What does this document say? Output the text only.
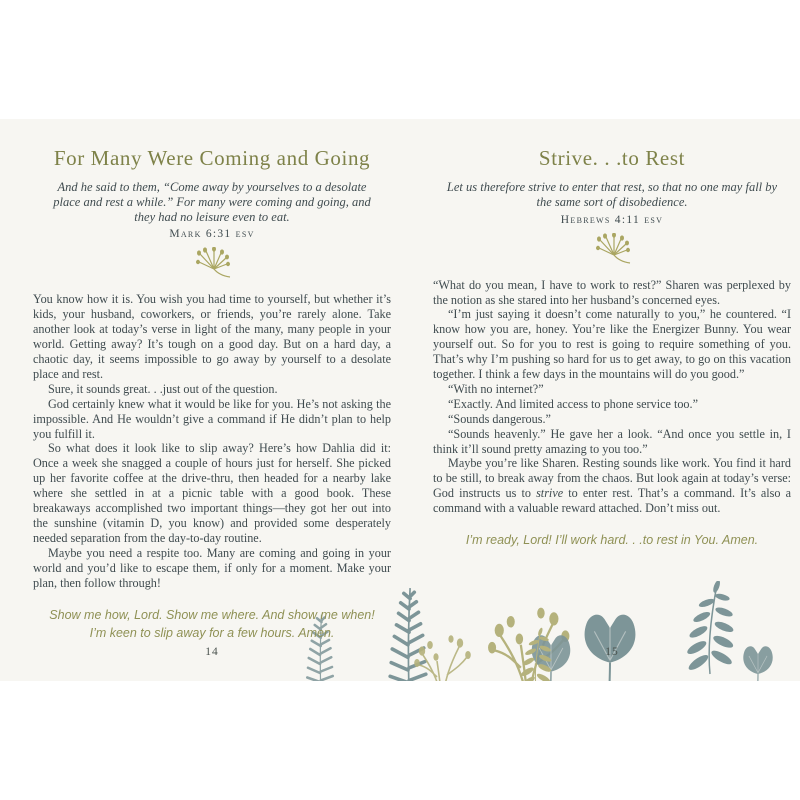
For Many Were Coming and Going
And he said to them, “Come away by yourselves to a desolate place and rest a while.” For many were coming and going, and they had no leisure even to eat.
Mark 6:31 esv

You know how it is. You wish you had time to yourself, but whether it’s kids, your husband, coworkers, or friends, you’re rarely alone. Take another look at today’s verse in light of the many, many people in your world. Getting away? It’s tough on a good day. But on a hard day, a chaotic day, it seems impossible to go away by yourself to a desolate place and rest.

Sure, it sounds great. . .just out of the question.

God certainly knew what it would be like for you. He’s not asking the impossible. And He wouldn’t give a command if He didn’t plan to help you fulfill it.

So what does it look like to slip away? Here’s how Dahlia did it: Once a week she snagged a couple of hours just for herself. She picked up her favorite coffee at the drive-thru, then headed for a nearby lake where she settled in at a picnic table with a good book. These breakaways accomplished two important things—they got her out into the sunshine (vitamin D, you know) and provided some desperately needed separation from the day-to-day routine.

Maybe you need a respite too. Many are coming and going in your world and you’d like to escape them, if only for a moment. Make your plan, then follow through!

Show me how, Lord. Show me where. And show me when! I’m keen to slip away for a few hours. Amen.
14
Strive. . .to Rest
Let us therefore strive to enter that rest, so that no one may fall by the same sort of disobedience.
Hebrews 4:11 esv

“What do you mean, I have to work to rest?” Sharen was perplexed by the notion as she stared into her husband’s concerned eyes.

“I’m just saying it doesn’t come naturally to you,” he countered. “I know how you are, honey. You’re like the Energizer Bunny. You wear yourself out. So for you to rest is going to require something of you. That’s why I’m pushing so hard for us to get away, to go on this vacation together. I think a few days in the mountains will do you good.”

“With no internet?”

“Exactly. And limited access to phone service too.”

“Sounds dangerous.”

“Sounds heavenly.” He gave her a look. “And once you settle in, I think it’ll sound pretty amazing to you too.”

Maybe you’re like Sharen. Resting sounds like work. You find it hard to be still, to break away from the chaos. But look again at today’s verse: God instructs us to strive to enter rest. That’s a command. It’s also a command with a valuable reward attached. Don’t miss out.

I’m ready, Lord! I’ll work hard. . .to rest in You. Amen.
15
